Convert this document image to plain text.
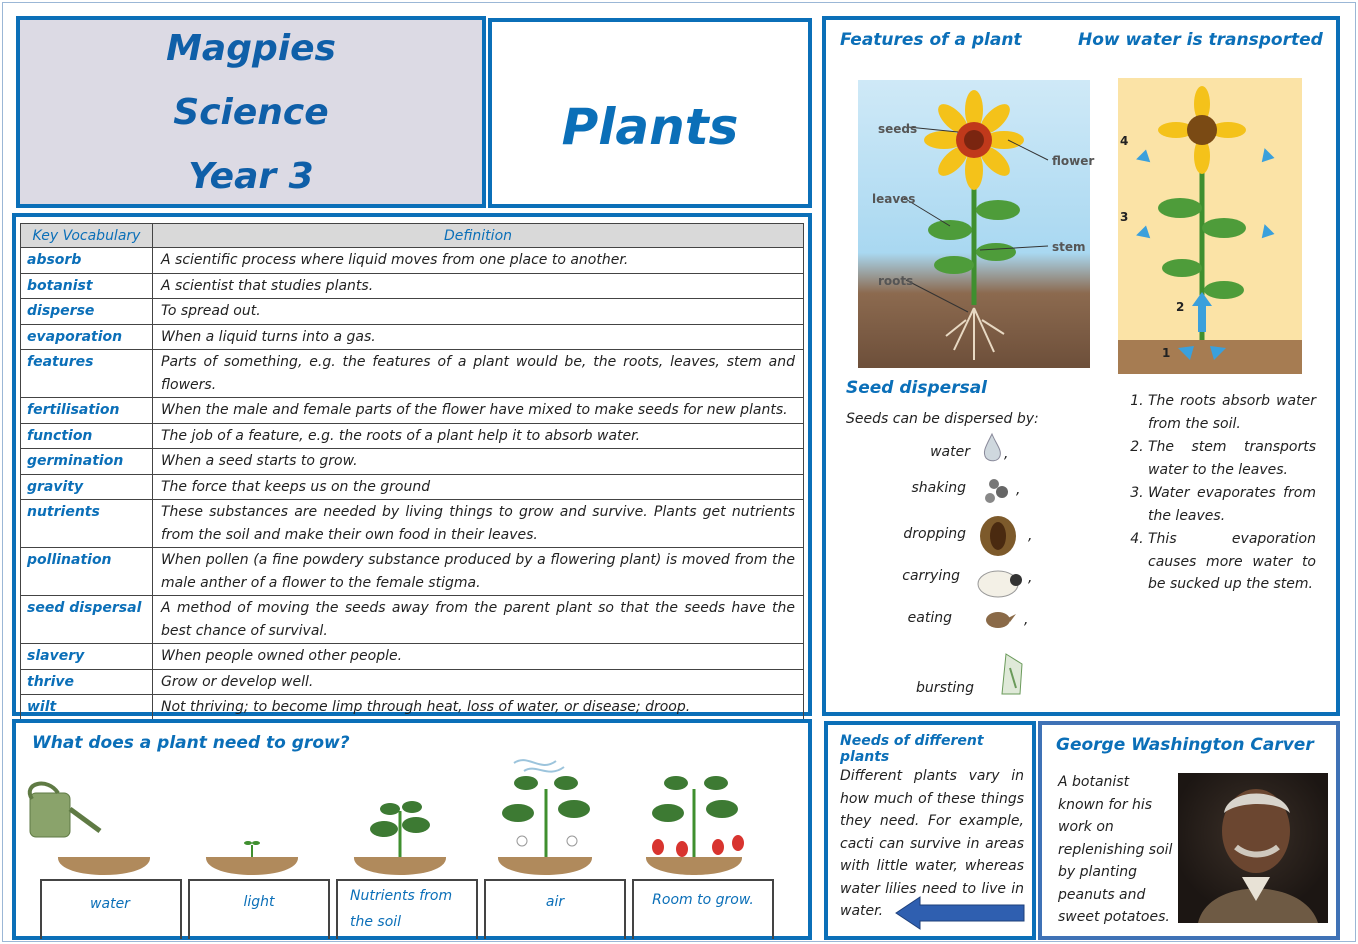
Magpies
Science
Year 3
Plants
Key Vocabulary	Definition
absorb	A scientific process where liquid moves from one place to another.
botanist	A scientist that studies plants.
disperse	To spread out.
evaporation	When a liquid turns into a gas.
features	Parts of something, e.g. the features of a plant would be, the roots, leaves, stem and flowers.
fertilisation	When the male and female parts of the flower have mixed to make seeds for new plants.
function	The job of a feature, e.g. the roots of a plant help it to absorb water.
germination	When a seed starts to grow.
gravity	The force that keeps us on the ground
nutrients	These substances are needed by living things to grow and survive. Plants get nutrients from the soil and make their own food in their leaves.
pollination	When pollen (a fine powdery substance produced by a flowering plant) is moved from the male anther of a flower to the female stigma.
seed dispersal	A method of moving the seeds away from the parent plant so that the seeds have the best chance of survival.
slavery	When people owned other people.
thrive	Grow or develop well.
wilt	Not thriving; to become limp through heat, loss of water, or disease; droop.
Features of a plant	How water is transported
seeds
flower
leaves
stem
roots
4
3
2
1
1. The roots absorb water from the soil.
2. The stem transports water to the leaves.
3. Water evaporates from the leaves.
4. This evaporation causes more water to be sucked up the stem.
Seed dispersal
Seeds can be dispersed by:
water
shaking
dropping
carrying
eating
bursting
,
,
,
,
,
What does a plant need to grow?
water	light	Nutrients from the soil
air	Room to grow.
Needs of different plants
Different plants vary in how much of these things they need. For example, cacti can survive in areas with little water, whereas water lilies need to live in water.
George Washington Carver
A botanist known for his work on replenishing soil by planting peanuts and sweet potatoes.
